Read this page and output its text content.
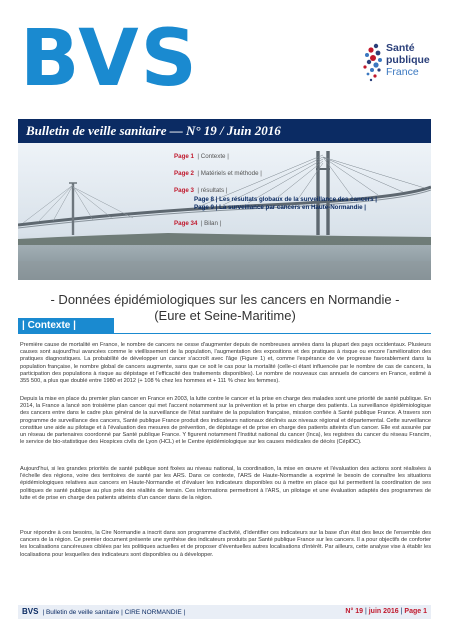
BVS	Santé
publique
France
Bulletin de veille sanitaire — N° 19 / Juin 2016
Page 1 | Contexte |
Page 2 | Matériels et méthode |
Page 3 | résultats |
Page 8 | Les résultats globaux de la surveillance des cancers |
Page 9 | La surveillance par cancers en Haute-Normandie |
Page 34 | Bilan |
- Données épidémiologiques sur les cancers en Normandie -
(Eure et Seine-Maritime)
| Contexte |

Première cause de mortalité en France, le nombre de cancers ne cesse d'augmenter depuis de nombreuses années dans la plupart des pays occidentaux. Plusieurs causes sont aujourd'hui avancées comme le vieillissement de la population, l'augmentation des expositions et des pratiques à risque ou encore l'amélioration des pratiques diagnostiques. La probabilité de développer un cancer s'accroît avec l'âge (Figure 1) et, comme l'espérance de vie progresse favorablement dans la population française, le nombre global de cancers augmente, sans que ce soit le cas pour la mortalité (celle-ci étant influencée par le nombre de cas de cancers, la participation des populations à risque au dépistage et l'efficacité des traitements disponibles). Le nombre de nouveaux cas annuels de cancers en France, estimé à 355 500, a plus que doublé entre 1980 et 2012 (+ 108 % chez les hommes et + 111 % chez les femmes).

Depuis la mise en place du premier plan cancer en France en 2003, la lutte contre le cancer et la prise en charge des malades sont une priorité de santé publique. En 2014, la France a lancé son troisième plan cancer qui met l'accent notamment sur la prévention et la prise en charge des patients. La surveillance épidémiologique des cancers entre dans le cadre plus général de la surveillance de l'état sanitaire de la population française, mission confiée à Santé publique France. A travers son programme de surveillance des cancers, Santé publique France produit des indicateurs nationaux déclinés aux niveaux régional et départemental. Cette surveillance constitue une aide au pilotage et à l'évaluation des mesures de prévention, de dépistage et de prise en charge des patients atteints d'un cancer. Elle est assurée par un réseau de partenaires coordonné par Santé publique France. Y figurent notamment l'Institut national du cancer (Inca), les registres du cancer du réseau Francim, le service de bio-statistique des Hospices civils de Lyon (HCL) et le Centre épidémiologique sur les causes médicales de décès (CépiDC).

Aujourd'hui, si les grandes priorités de santé publique sont fixées au niveau national, la coordination, la mise en œuvre et l'évaluation des actions sont réalisées à l'échelle des régions, voire des territoires de santé par les ARS. Dans ce contexte, l'ARS de Haute-Normandie a exprimé le besoin de connaître les situations épidémiologiques relatives aux cancers en Haute-Normandie et d'évaluer les indicateurs disponibles ou à mettre en place qui lui permettent la coordination de ses politiques de santé publique au plus près des réalités de terrain. Ces informations permettront à l'ARS, un pilotage et une évaluation adaptés des programmes de lutte et de prise en charge des patients atteints d'un cancer dans de la région.

Pour répondre à ces besoins, la Cire Normandie a inscrit dans son programme d'activité, d'identifier ces indicateurs sur la base d'un état des lieux de l'ensemble des cancers de la région. Ce premier document présente une synthèse des indicateurs produits par Santé publique France sur les cancers. Il a pour objectifs de conforter les localisations cancéreuses ciblées par les politiques actuelles et de proposer d'éventuelles autres localisations d'intérêt. Par ailleurs, cette analyse vise à établir les localisations pour lesquelles des indicateurs sont disponibles ou à développer.

BVS | Bulletin de veille sanitaire | CIRE NORMANDIE |	N° 19 | juin 2016 | Page 1
